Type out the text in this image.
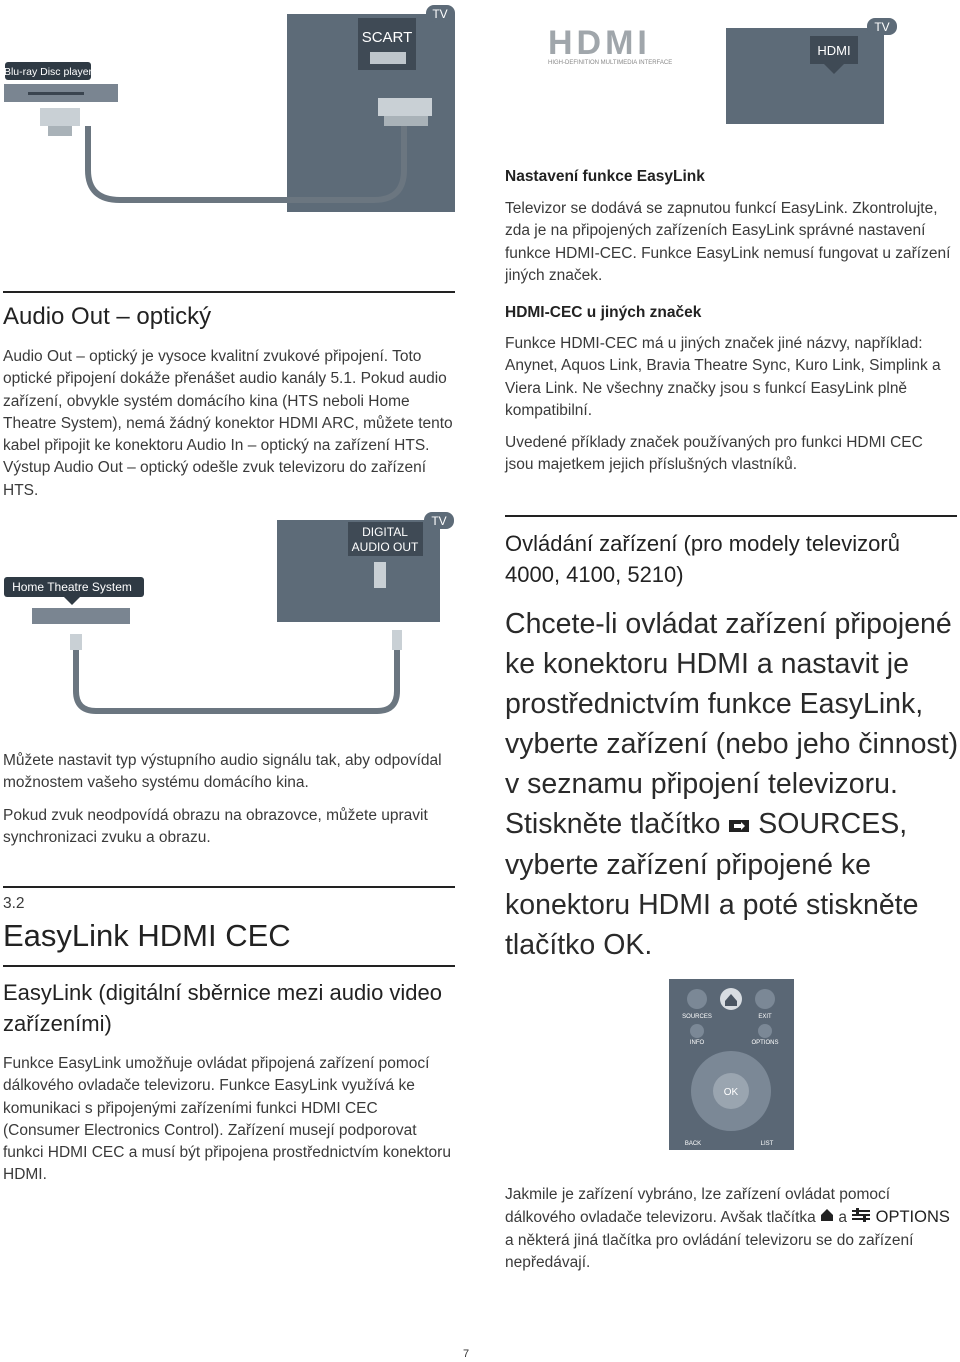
TV
SCART
Blu-ray Disc player
HDMI
HIGH-DEFINITION MULTIMEDIA INTERFACE
TV
HDMI
Audio Out – optický

Audio Out – optický je vysoce kvalitní zvukové připojení. Toto optické připojení dokáže přenášet audio kanály 5.1. Pokud audio zařízení, obvykle systém domácího kina (HTS neboli Home Theatre System), nemá žádný konektor HDMI ARC, můžete tento kabel připojit ke konektoru Audio In – optický na zařízení HTS. Výstup Audio Out – optický odešle zvuk televizoru do zařízení HTS.

TV
DIGITAL
AUDIO OUT
Home Theatre System

Můžete nastavit typ výstupního audio signálu tak, aby odpovídal možnostem vašeho systému domácího kina.

Pokud zvuk neodpovídá obrazu na obrazovce, můžete upravit synchronizaci zvuku a obrazu.

3.2
EasyLink HDMI CEC
EasyLink (digitální sběrnice mezi audio video zařízeními)

Funkce EasyLink umožňuje ovládat připojená zařízení pomocí dálkového ovladače televizoru. Funkce EasyLink využívá ke komunikaci s připojenými zařízeními funkci HDMI CEC (Consumer Electronics Control). Zařízení musejí podporovat funkci HDMI CEC a musí být připojena prostřednictvím konektoru HDMI.

Nastavení funkce EasyLink

Televizor se dodává se zapnutou funkcí EasyLink. Zkontrolujte, zda je na připojených zařízeních EasyLink správné nastavení funkce HDMI-CEC. Funkce EasyLink nemusí fungovat u zařízení jiných značek.

HDMI-CEC u jiných značek

Funkce HDMI-CEC má u jiných značek jiné názvy, například: Anynet, Aquos Link, Bravia Theatre Sync, Kuro Link, Simplink a Viera Link. Ne všechny značky jsou s funkcí EasyLink plně kompatibilní.

Uvedené příklady značek používaných pro funkci HDMI CEC jsou majetkem jejich příslušných vlastníků.

Ovládání zařízení (pro modely televizorů 4000, 4100, 5210)

Chcete-li ovládat zařízení připojené ke konektoru HDMI a nastavit je prostřednictvím funkce EasyLink, vyberte zařízení (nebo jeho činnost) v seznamu připojení televizoru. Stiskněte tlačítko SOURCES, vyberte zařízení připojené ke konektoru HDMI a poté stiskněte tlačítko OK.

SOURCES	EXIT
INFO	OPTIONS
OK
BACK	LIST

Jakmile je zařízení vybráno, lze zařízení ovládat pomocí dálkového ovladače televizoru. Avšak tlačítka a OPTIONS a některá jiná tlačítka pro ovládání televizoru se do zařízení nepředávají.

7
